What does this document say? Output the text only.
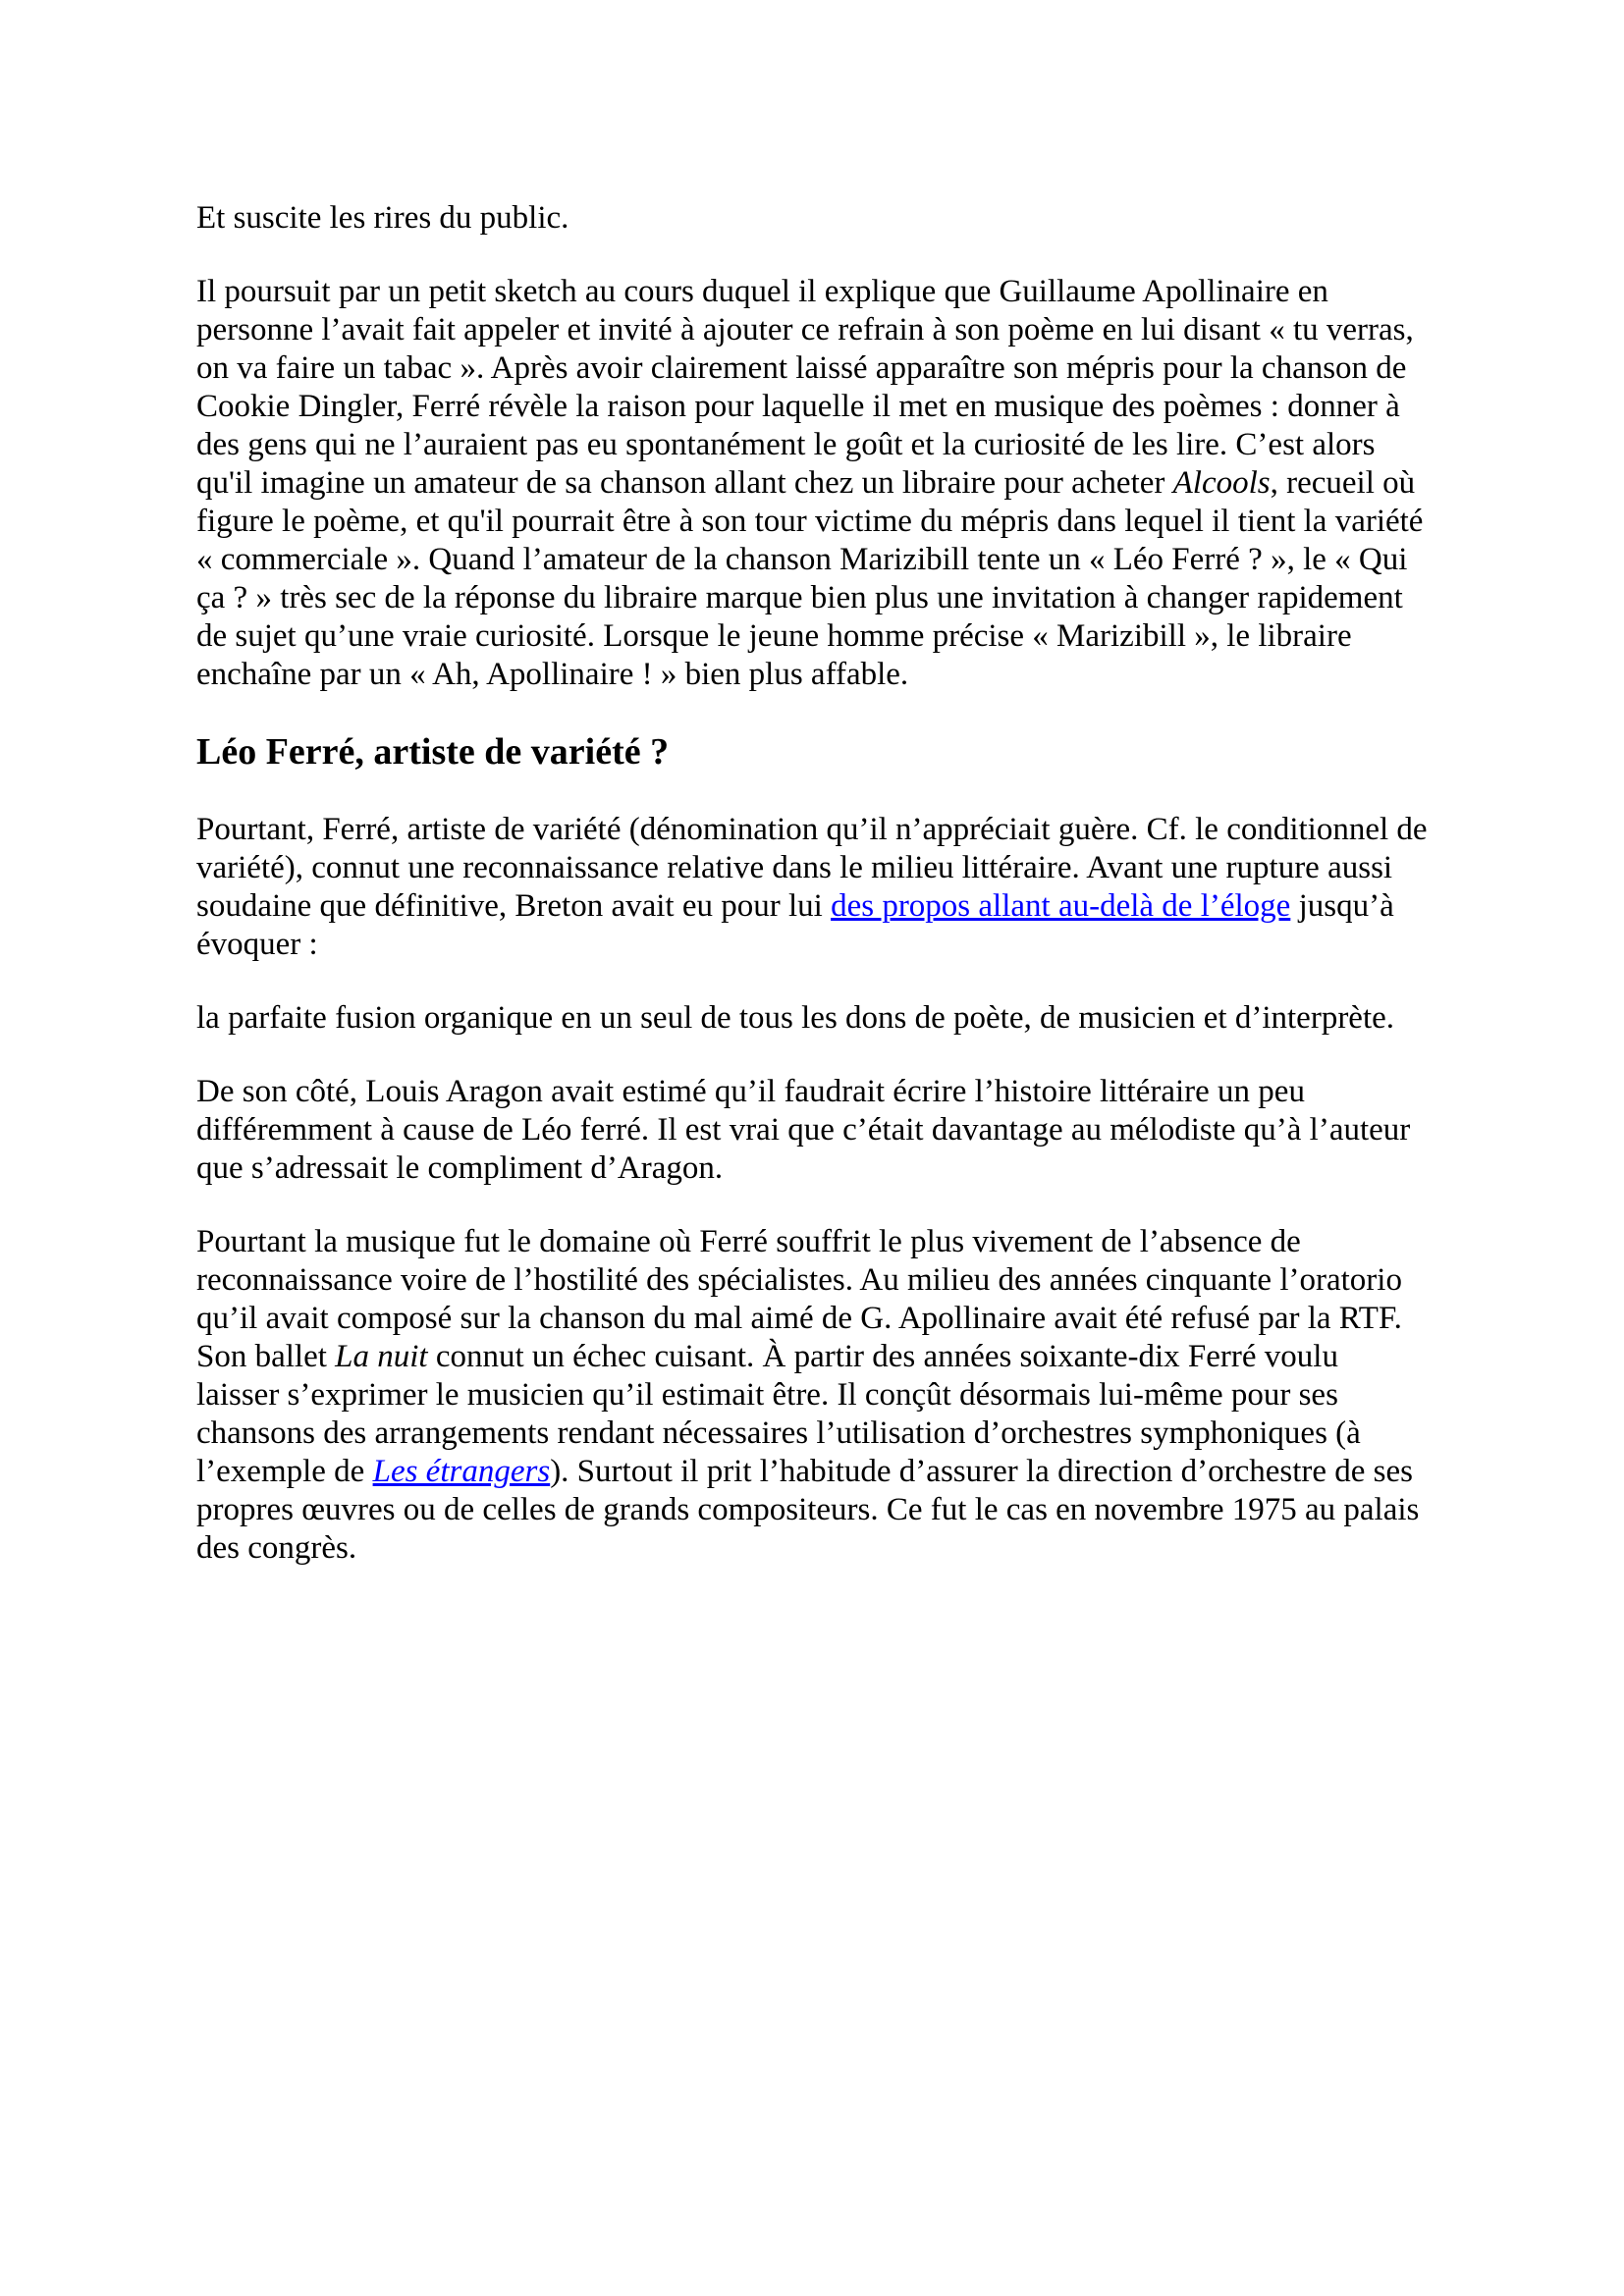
Et suscite les rires du public.

Il poursuit par un petit sketch au cours duquel il explique que Guillaume Apollinaire en personne l’avait fait appeler et invité à ajouter ce refrain à son poème en lui disant « tu verras, on va faire un tabac ». Après avoir clairement laissé apparaître son mépris pour la chanson de Cookie Dingler, Ferré révèle la raison pour laquelle il met en musique des poèmes : donner à des gens qui ne l’auraient pas eu spontanément le goût et la curiosité de les lire. C’est alors qu'il imagine un amateur de sa chanson allant chez un libraire pour acheter Alcools, recueil où figure le poème, et qu'il pourrait être à son tour victime du mépris dans lequel il tient la variété « commerciale ». Quand l’amateur de la chanson Marizibill tente un « Léo Ferré ? », le « Qui ça ? » très sec de la réponse du libraire marque bien plus une invitation à changer rapidement de sujet qu’une vraie curiosité. Lorsque le jeune homme précise « Marizibill », le libraire enchaîne par un « Ah, Apollinaire ! » bien plus affable.

Léo Ferré, artiste de variété ?

Pourtant, Ferré, artiste de variété (dénomination qu’il n’appréciait guère. Cf. le conditionnel de variété), connut une reconnaissance relative dans le milieu littéraire. Avant une rupture aussi soudaine que définitive, Breton avait eu pour lui des propos allant au-delà de l’éloge jusqu’à évoquer :

la parfaite fusion organique en un seul de tous les dons de poète, de musicien et d’interprète.

De son côté, Louis Aragon avait estimé qu’il faudrait écrire l’histoire littéraire un peu différemment à cause de Léo ferré. Il est vrai que c’était davantage au mélodiste qu’à l’auteur que s’adressait le compliment d’Aragon.

Pourtant la musique fut le domaine où Ferré souffrit le plus vivement de l’absence de reconnaissance voire de l’hostilité des spécialistes. Au milieu des années cinquante l’oratorio qu’il avait composé sur la chanson du mal aimé de G. Apollinaire avait été refusé par la RTF. Son ballet La nuit connut un échec cuisant. À partir des années soixante-dix Ferré voulu laisser s’exprimer le musicien qu’il estimait être. Il conçût désormais lui-même pour ses chansons des arrangements rendant nécessaires l’utilisation d’orchestres symphoniques (à l’exemple de Les étrangers). Surtout il prit l’habitude d’assurer la direction d’orchestre de ses propres œuvres ou de celles de grands compositeurs. Ce fut le cas en novembre 1975 au palais des congrès.
